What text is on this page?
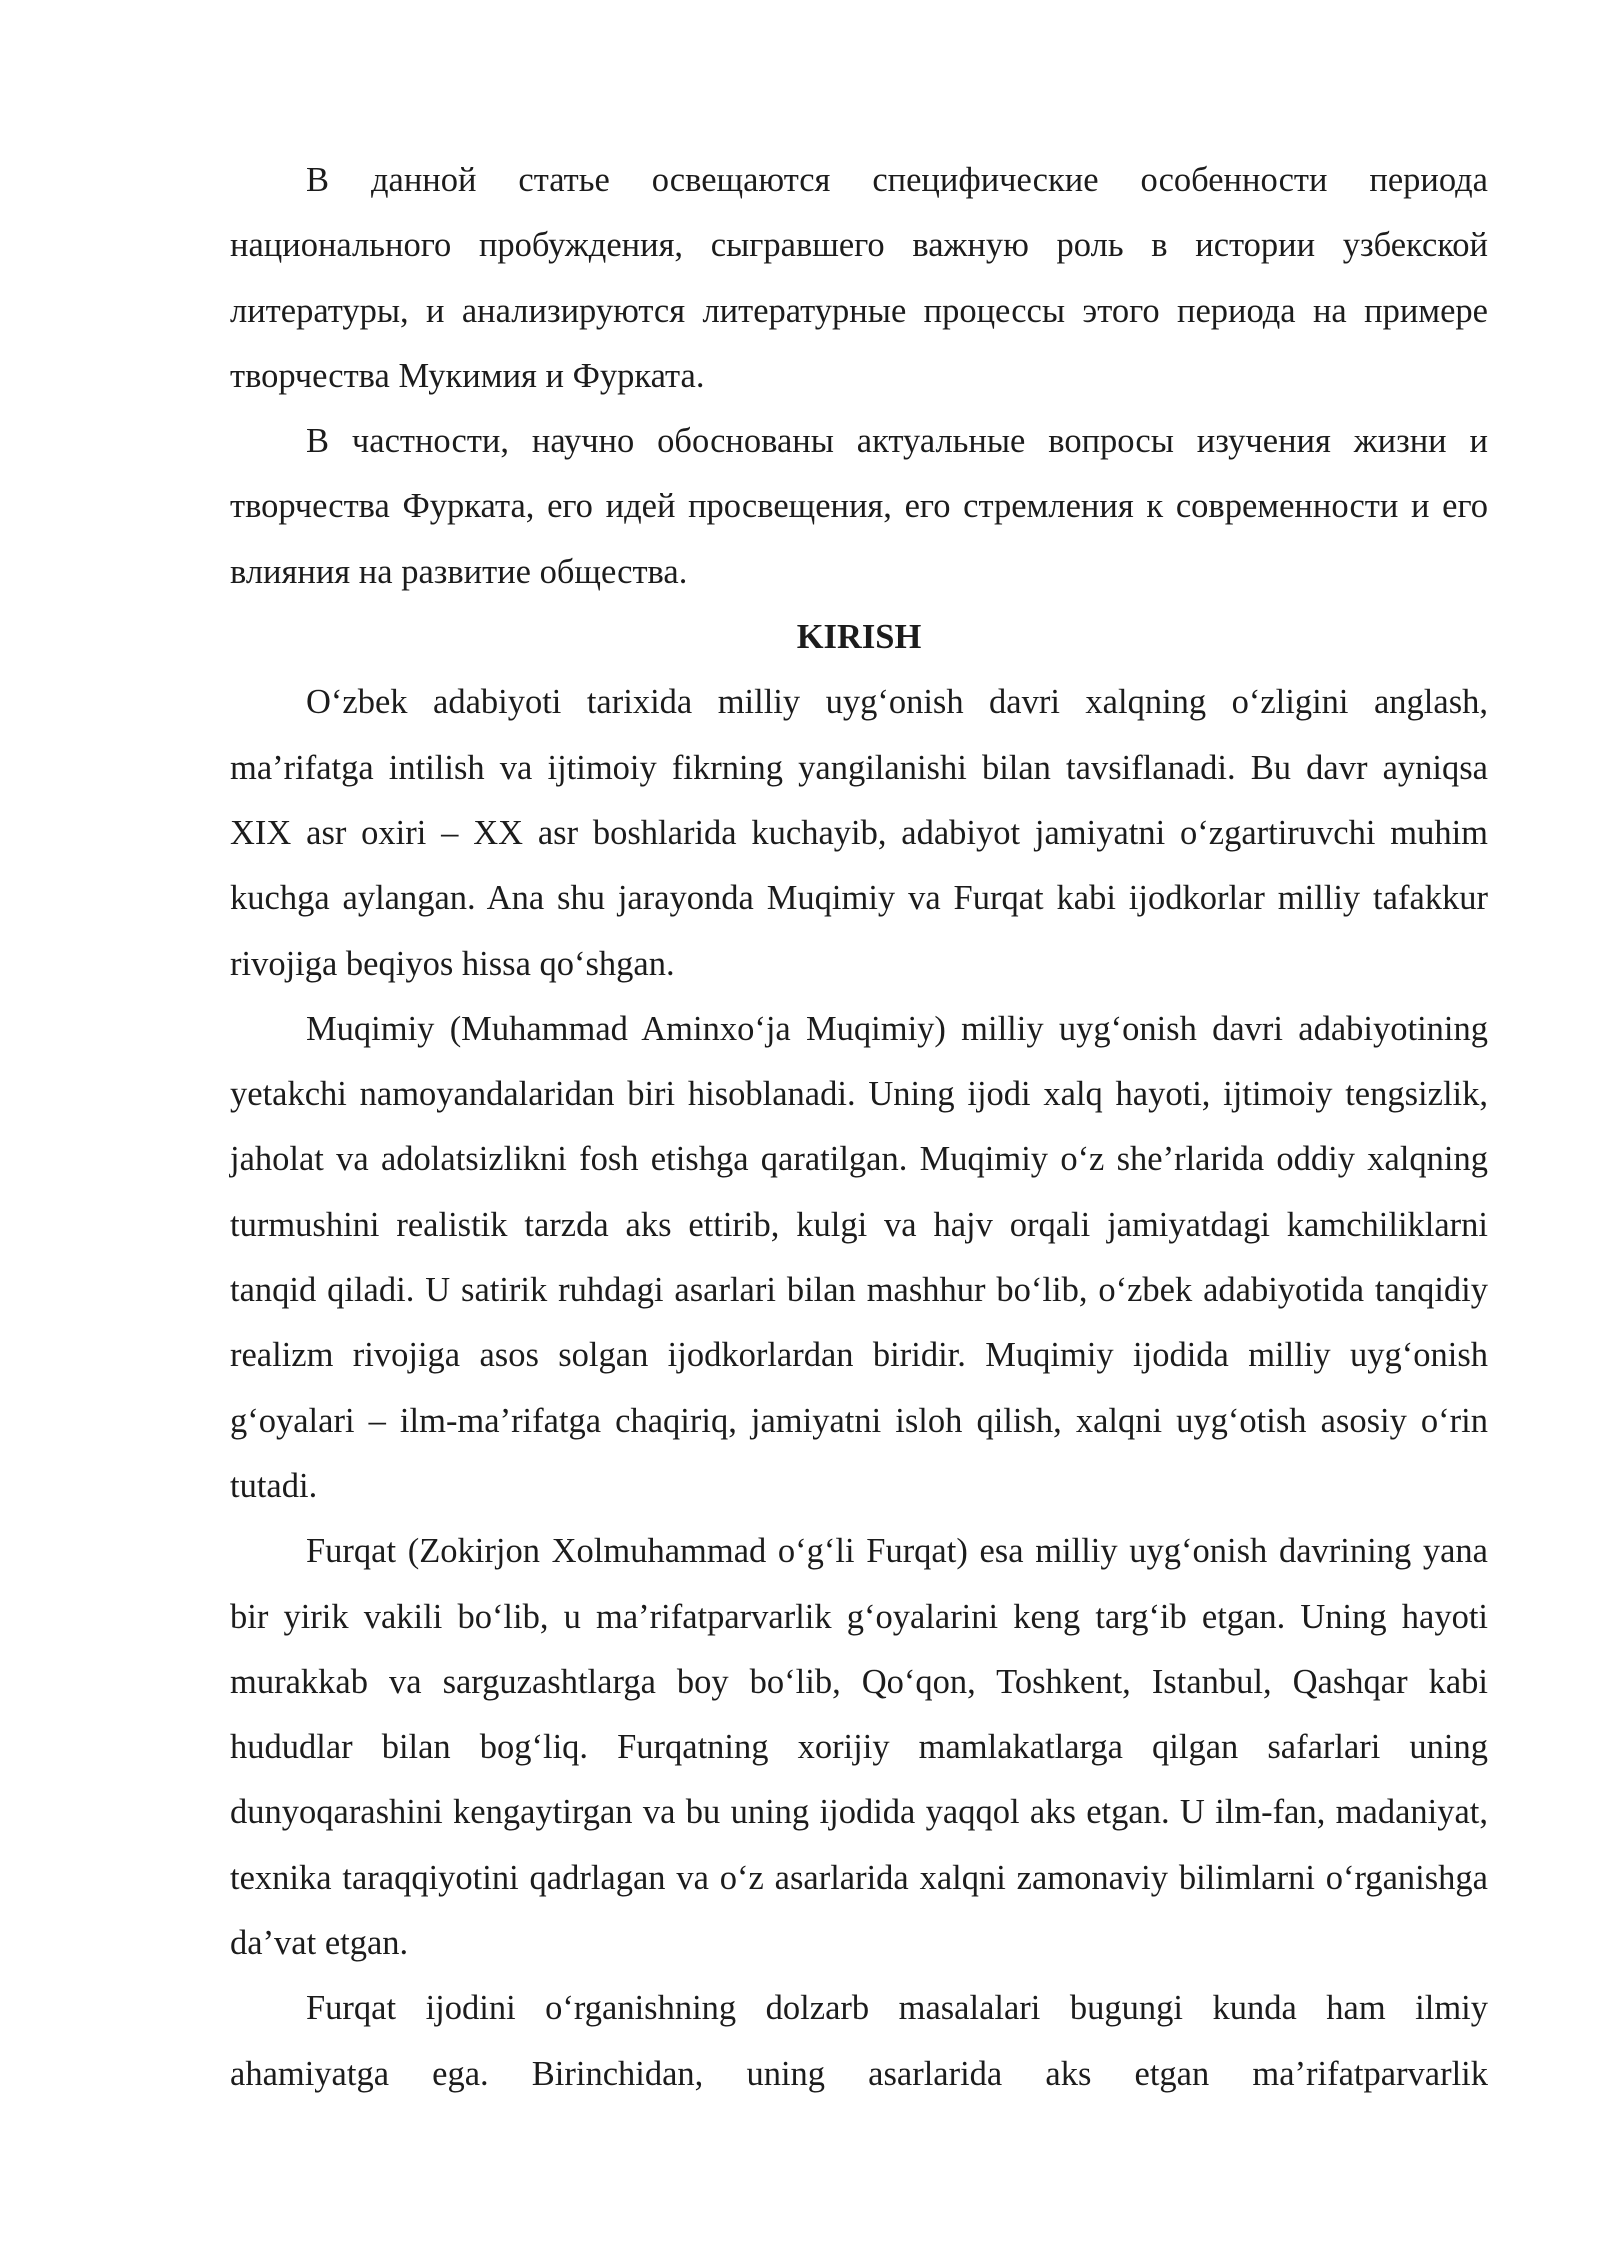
В данной статье освещаются специфические особенности периода национального пробуждения, сыгравшего важную роль в истории узбекской литературы, и анализируются литературные процессы этого периода на примере творчества Мукимия и Фурката.

В частности, научно обоснованы актуальные вопросы изучения жизни и творчества Фурката, его идей просвещения, его стремления к современности и его влияния на развитие общества.

KIRISH

O‘zbek adabiyoti tarixida milliy uyg‘onish davri xalqning o‘zligini anglash, ma’rifatga intilish va ijtimoiy fikrning yangilanishi bilan tavsiflanadi. Bu davr ayniqsa XIX asr oxiri – XX asr boshlarida kuchayib, adabiyot jamiyatni o‘zgartiruvchi muhim kuchga aylangan. Ana shu jarayonda Muqimiy va Furqat kabi ijodkorlar milliy tafakkur rivojiga beqiyos hissa qo‘shgan.

Muqimiy (Muhammad Aminxo‘ja Muqimiy) milliy uyg‘onish davri adabiyotining yetakchi namoyandalaridan biri hisoblanadi. Uning ijodi xalq hayoti, ijtimoiy tengsizlik, jaholat va adolatsizlikni fosh etishga qaratilgan. Muqimiy o‘z she’rlarida oddiy xalqning turmushini realistik tarzda aks ettirib, kulgi va hajv orqali jamiyatdagi kamchiliklarni tanqid qiladi. U satirik ruhdagi asarlari bilan mashhur bo‘lib, o‘zbek adabiyotida tanqidiy realizm rivojiga asos solgan ijodkorlardan biridir. Muqimiy ijodida milliy uyg‘onish g‘oyalari – ilm-ma’rifatga chaqiriq, jamiyatni isloh qilish, xalqni uyg‘otish asosiy o‘rin tutadi.

Furqat (Zokirjon Xolmuhammad o‘g‘li Furqat) esa milliy uyg‘onish davrining yana bir yirik vakili bo‘lib, u ma’rifatparvarlik g‘oyalarini keng targ‘ib etgan. Uning hayoti murakkab va sarguzashtlarga boy bo‘lib, Qo‘qon, Toshkent, Istanbul, Qashqar kabi hududlar bilan bog‘liq. Furqatning xorijiy mamlakatlarga qilgan safarlari uning dunyoqarashini kengaytirgan va bu uning ijodida yaqqol aks etgan. U ilm-fan, madaniyat, texnika taraqqiyotini qadrlagan va o‘z asarlarida xalqni zamonaviy bilimlarni o‘rganishga da’vat etgan.

Furqat ijodini o‘rganishning dolzarb masalalari bugungi kunda ham ilmiy ahamiyatga ega. Birinchidan, uning asarlarida aks etgan ma’rifatparvarlik
